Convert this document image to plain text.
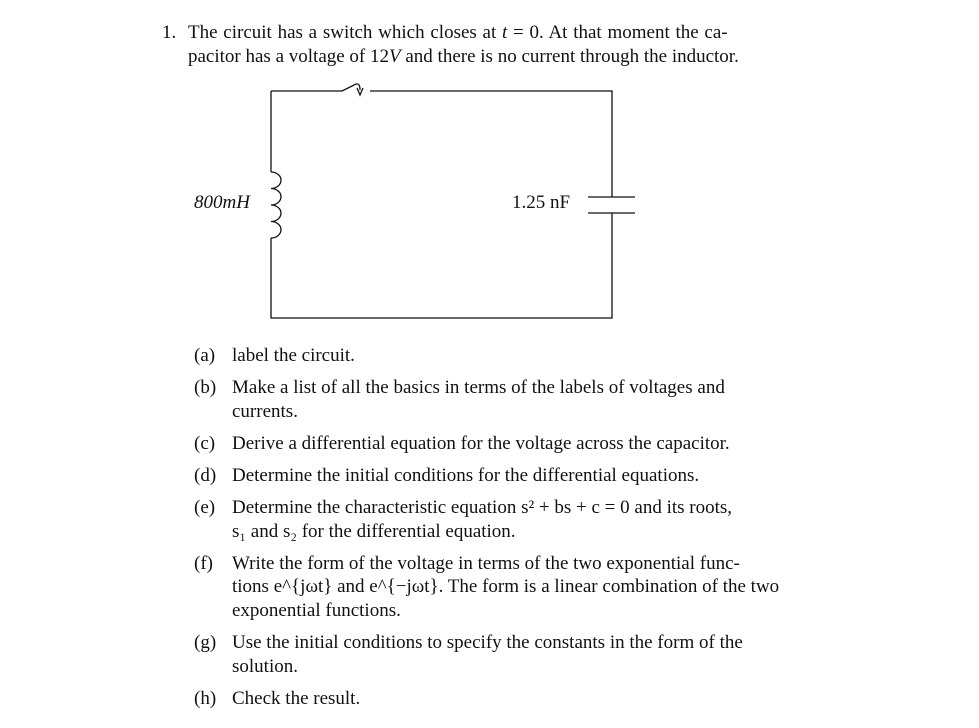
1. The circuit has a switch which closes at t = 0. At that moment the ca-
pacitor has a voltage of 12V and there is no current through the inductor.
800mH	1.25 nF
(a) label the circuit.
(b) Make a list of all the basics in terms of the labels of voltages and
currents.
(c) Derive a differential equation for the voltage across the capacitor.
(d) Determine the initial conditions for the differential equations.
(e) Determine the characteristic equation s² + bs + c = 0 and its roots,
s₁ and s₂ for the differential equation.
(f) Write the form of the voltage in terms of the two exponential func-
tions e^{jωt} and e^{−jωt}. The form is a linear combination of the two
exponential functions.
(g) Use the initial conditions to specify the constants in the form of the
solution.
(h) Check the result.
